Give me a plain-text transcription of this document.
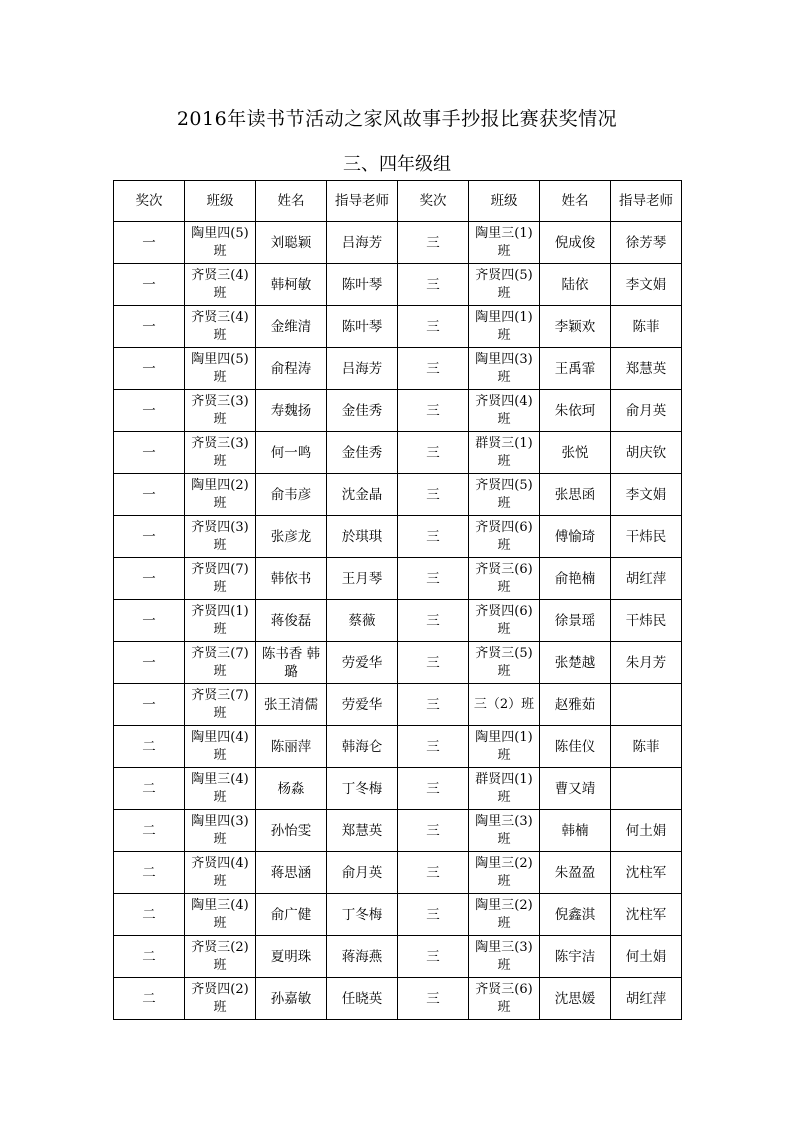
2016年读书节活动之家风故事手抄报比赛获奖情况
三、四年级组
奖次	班级	姓名	指导老师	奖次	班级	姓名	指导老师
一	陶里四(5)班	刘聪颖	吕海芳	三	陶里三(1)班	倪成俊	徐芳琴
一	齐贤三(4)班	韩柯敏	陈叶琴	三	齐贤四(5)班	陆依	李文娟
一	齐贤三(4)班	金维清	陈叶琴	三	陶里四(1)班	李颖欢	陈菲
一	陶里四(5)班	俞程涛	吕海芳	三	陶里四(3)班	王禹霏	郑慧英
一	齐贤三(3)班	寿魏扬	金佳秀	三	齐贤四(4)班	朱依珂	俞月英
一	齐贤三(3)班	何一鸣	金佳秀	三	群贤三(1)班	张悦	胡庆钦
一	陶里四(2)班	俞韦彦	沈金晶	三	齐贤四(5)班	张思函	李文娟
一	齐贤四(3)班	张彦龙	於琪琪	三	齐贤四(6)班	傅愉琦	干炜民
一	齐贤四(7)班	韩依书	王月琴	三	齐贤三(6)班	俞艳楠	胡红萍
一	齐贤四(1)班	蒋俊磊	蔡薇	三	齐贤四(6)班	徐景瑶	干炜民
一	齐贤三(7)班	陈书香 韩璐	劳爱华	三	齐贤三(5)班	张楚越	朱月芳
一	齐贤三(7)班	张王清儒	劳爱华	三	三（2）班	赵雅茹	
二	陶里四(4)班	陈丽萍	韩海仑	三	陶里四(1)班	陈佳仪	陈菲
二	陶里三(4)班	杨淼	丁冬梅	三	群贤四(1)班	曹又靖	
二	陶里四(3)班	孙怡雯	郑慧英	三	陶里三(3)班	韩楠	何土娟
二	齐贤四(4)班	蒋思涵	俞月英	三	陶里三(2)班	朱盈盈	沈柱军
二	陶里三(4)班	俞广健	丁冬梅	三	陶里三(2)班	倪鑫淇	沈柱军
二	齐贤三(2)班	夏明珠	蒋海燕	三	陶里三(3)班	陈宇洁	何土娟
二	齐贤四(2)班	孙嘉敏	任晓英	三	齐贤三(6)班	沈思媛	胡红萍
